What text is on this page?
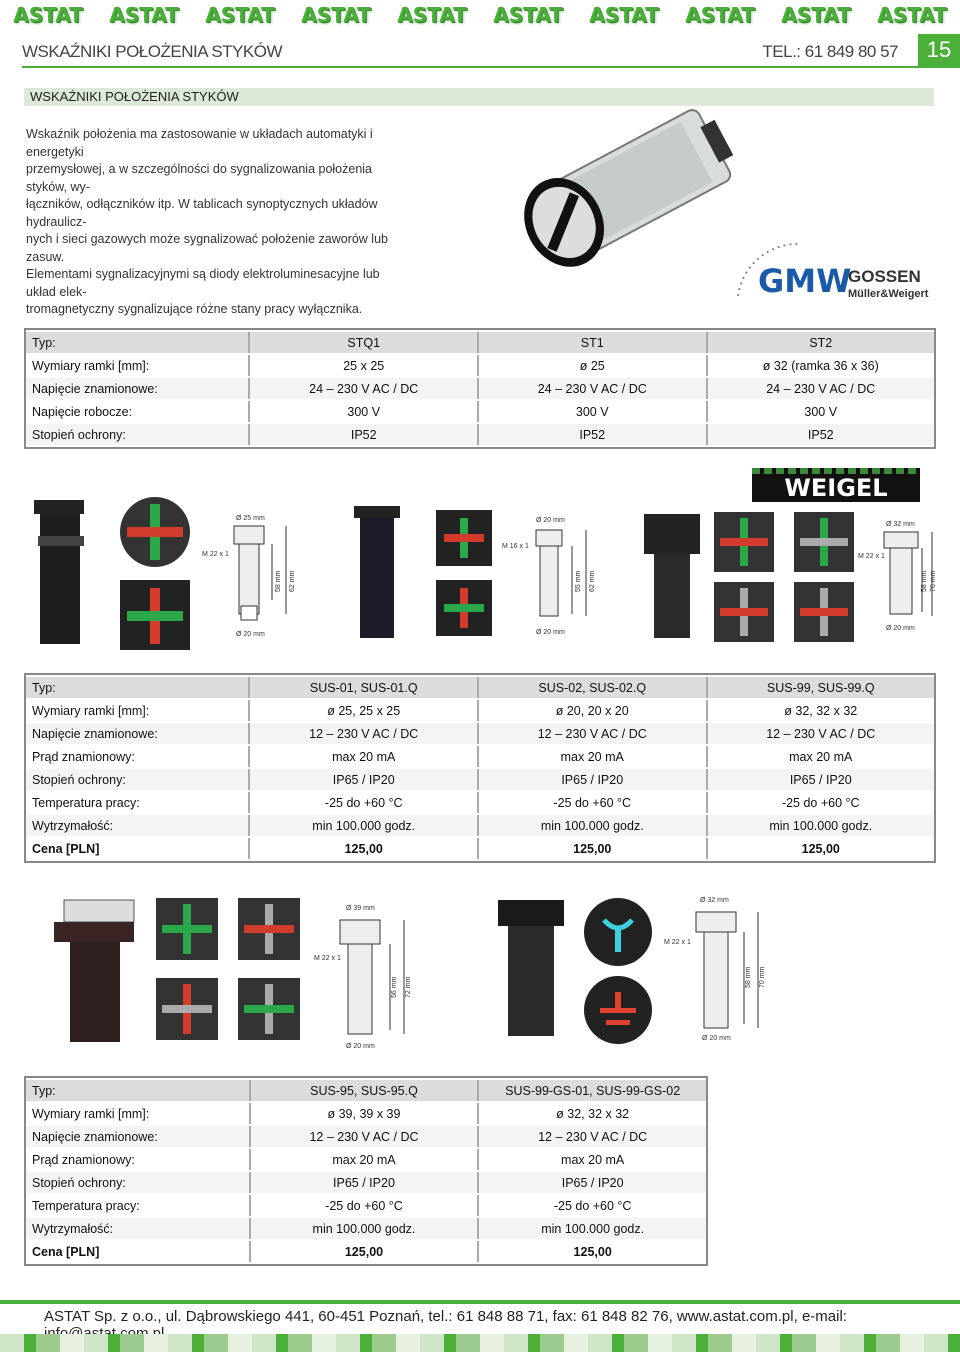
ASTAT ASTAT ASTAT ASTAT ASTAT ASTAT ASTAT ASTAT ASTAT ASTAT
WSKAŹNIKI POŁOŻENIA STYKÓW	TEL.: 61 849 80 57	15
WSKAŹNIKI POŁOŻENIA STYKÓW

Wskaźnik położenia ma zastosowanie w układach automatyki i energetyki

przemysłowej, a w szczególności do sygnalizowania położenia styków, wy-

łączników, odłączników itp. W tablicach synoptycznych układów hydraulicz-

nych i sieci gazowych może sygnalizować położenie zaworów lub zasuw.

Elementami sygnalizacyjnymi są diody elektroluminesacyjne lub układ elek-

tromagnetyczny sygnalizujące różne stany pracy wyłącznika.

GMW
GOSSEN
Müller&Weigert
Typ:	STQ1	ST1	ST2
Wymiary ramki [mm]:	25 x 25	ø 25	ø 32 (ramka 36 x 36)
Napięcie znamionowe:	24 – 230 V AC / DC	24 – 230 V AC / DC	24 – 230 V AC / DC
Napięcie robocze:	300 V	300 V	300 V
Stopień ochrony:	IP52	IP52	IP52
WEIGEL
Ø 25 mm
M 22 x 1
58 mm 62 mm
Ø 20 mm
Ø 20 mm
M 16 x 1
55 mm 62 mm
Ø 20 mm
Ø 32 mm
M 22 x 1
58 mm 70 mm
Ø 20 mm
Typ:	SUS-01, SUS-01.Q	SUS-02, SUS-02.Q	SUS-99, SUS-99.Q
Wymiary ramki [mm]:	ø 25, 25 x 25	ø 20, 20 x 20	ø 32, 32 x 32
Napięcie znamionowe:	12 – 230 V AC / DC	12 – 230 V AC / DC	12 – 230 V AC / DC
Prąd znamionowy:	max 20 mA	max 20 mA	max 20 mA
Stopień ochrony:	IP65 / IP20	IP65 / IP20	IP65 / IP20
Temperatura pracy:	-25 do +60 °C	-25 do +60 °C	-25 do +60 °C
Wytrzymałość:	min 100.000 godz.	min 100.000 godz.	min 100.000 godz.
Cena [PLN]	125,00	125,00	125,00
Ø 39 mm
M 22 x 1
56 mm 72 mm
Ø 20 mm
Ø 32 mm
M 22 x 1
58 mm 70 mm
Ø 20 mm
Typ:	SUS-95, SUS-95.Q	SUS-99-GS-01, SUS-99-GS-02
Wymiary ramki [mm]:	ø 39, 39 x 39	ø 32, 32 x 32
Napięcie znamionowe:	12 – 230 V AC / DC	12 – 230 V AC / DC
Prąd znamionowy:	max 20 mA	max 20 mA
Stopień ochrony:	IP65 / IP20	IP65 / IP20
Temperatura pracy:	-25 do +60 °C	-25 do +60 °C
Wytrzymałość:	min 100.000 godz.	min 100.000 godz.
Cena [PLN]	125,00	125,00
ASTAT Sp. z o.o., ul. Dąbrowskiego 441, 60-451 Poznań, tel.: 61 848 88 71, fax: 61 848 82 76, www.astat.com.pl, e-mail:
